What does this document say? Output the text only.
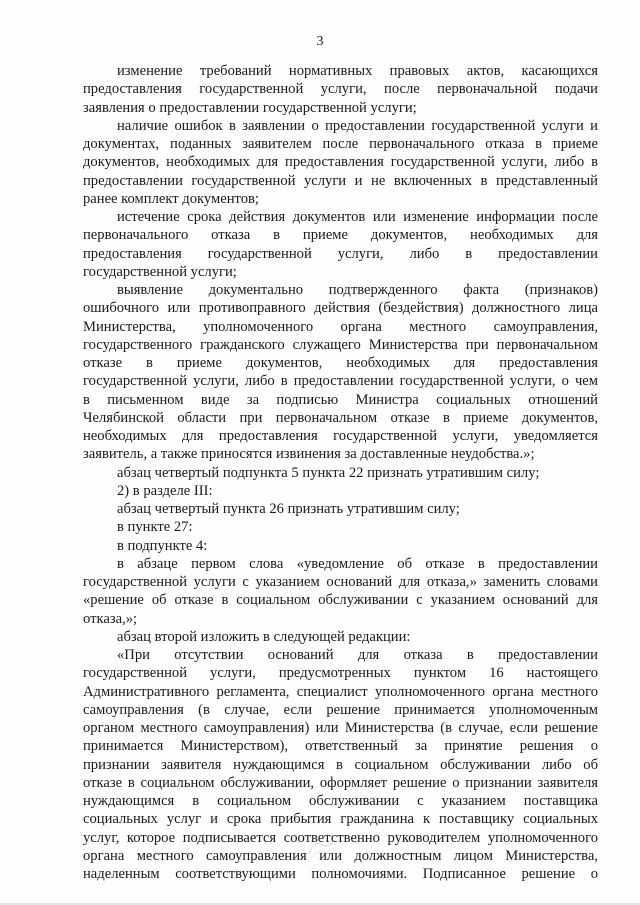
3
изменение требований нормативных правовых актов, касающихся
предоставления государственной услуги, после первоначальной подачи
заявления о предоставлении государственной услуги;
наличие ошибок в заявлении о предоставлении государственной услуги и
документах, поданных заявителем после первоначального отказа в приеме
документов, необходимых для предоставления государственной услуги, либо в
предоставлении государственной услуги и не включенных в представленный
ранее комплект документов;
истечение срока действия документов или изменение информации после
первоначального отказа в приеме документов, необходимых для
предоставления государственной услуги, либо в предоставлении
государственной услуги;
выявление документально подтвержденного факта (признаков)
ошибочного или противоправного действия (бездействия) должностного лица
Министерства, уполномоченного органа местного самоуправления,
государственного гражданского служащего Министерства при первоначальном
отказе в приеме документов, необходимых для предоставления
государственной услуги, либо в предоставлении государственной услуги, о чем
в письменном виде за подписью Министра социальных отношений
Челябинской области при первоначальном отказе в приеме документов,
необходимых для предоставления государственной услуги, уведомляется
заявитель, а также приносятся извинения за доставленные неудобства.»;
абзац четвертый подпункта 5 пункта 22 признать утратившим силу;
2) в разделе III:
абзац четвертый пункта 26 признать утратившим силу;
в пункте 27:
в подпункте 4:
в абзаце первом слова «уведомление об отказе в предоставлении
государственной услуги с указанием оснований для отказа,» заменить словами
«решение об отказе в социальном обслуживании с указанием оснований для
отказа,»;
абзац второй изложить в следующей редакции:
«При отсутствии оснований для отказа в предоставлении
государственной услуги, предусмотренных пунктом 16 настоящего
Административного регламента, специалист уполномоченного органа местного
самоуправления (в случае, если решение принимается уполномоченным
органом местного самоуправления) или Министерства (в случае, если решение
принимается Министерством), ответственный за принятие решения о
признании заявителя нуждающимся в социальном обслуживании либо об
отказе в социальном обслуживании, оформляет решение о признании заявителя
нуждающимся в социальном обслуживании с указанием поставщика
социальных услуг и срока прибытия гражданина к поставщику социальных
услуг, которое подписывается соответственно руководителем уполномоченного
органа местного самоуправления или должностным лицом Министерства,
наделенным соответствующими полномочиями. Подписанное решение о
